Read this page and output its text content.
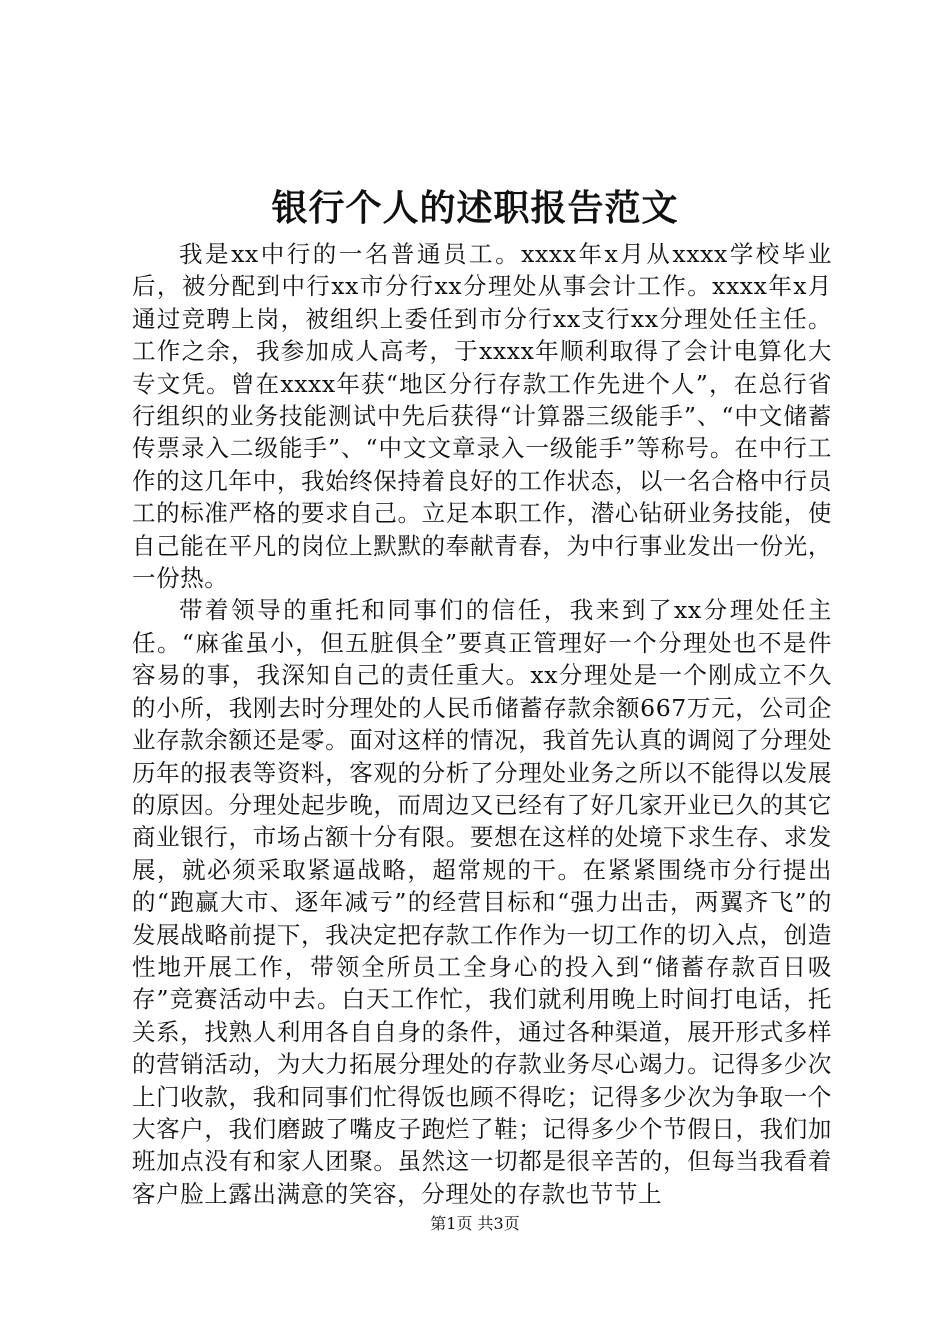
银行个人的述职报告范文

我是xx中行的一名普通员工。xxxx年x月从xxxx学校毕业后，被分配到中行xx市分行xx分理处从事会计工作。xxxx年x月通过竞聘上岗，被组织上委任到市分行xx支行xx分理处任主任。工作之余，我参加成人高考，于xxxx年顺利取得了会计电算化大专文凭。曾在xxxx年获“地区分行存款工作先进个人”，在总行省行组织的业务技能测试中先后获得“计算器三级能手”、“中文储蓄传票录入二级能手”、“中文文章录入一级能手”等称号。在中行工作的这几年中，我始终保持着良好的工作状态，以一名合格中行员工的标准严格的要求自己。立足本职工作，潜心钻研业务技能，使自己能在平凡的岗位上默默的奉献青春，为中行事业发出一份光，一份热。

带着领导的重托和同事们的信任，我来到了xx分理处任主任。“麻雀虽小，但五脏俱全”要真正管理好一个分理处也不是件容易的事，我深知自己的责任重大。xx分理处是一个刚成立不久的小所，我刚去时分理处的人民币储蓄存款余额667万元，公司企业存款余额还是零。面对这样的情况，我首先认真的调阅了分理处历年的报表等资料，客观的分析了分理处业务之所以不能得以发展的原因。分理处起步晚，而周边又已经有了好几家开业已久的其它商业银行，市场占额十分有限。要想在这样的处境下求生存、求发展，就必须采取紧逼战略，超常规的干。在紧紧围绕市分行提出的“跑赢大市、逐年减亏”的经营目标和“强力出击，两翼齐飞”的发展战略前提下，我决定把存款工作作为一切工作的切入点，创造性地开展工作，带领全所员工全身心的投入到“储蓄存款百日吸存”竞赛活动中去。白天工作忙，我们就利用晚上时间打电话，托关系，找熟人利用各自自身的条件，通过各种渠道，展开形式多样的营销活动，为大力拓展分理处的存款业务尽心竭力。记得多少次上门收款，我和同事们忙得饭也顾不得吃；记得多少次为争取一个大客户，我们磨跛了嘴皮子跑烂了鞋；记得多少个节假日，我们加班加点没有和家人团聚。虽然这一切都是很辛苦的，但每当我看着客户脸上露出满意的笑容，分理处的存款也节节上

第1页 共3页
